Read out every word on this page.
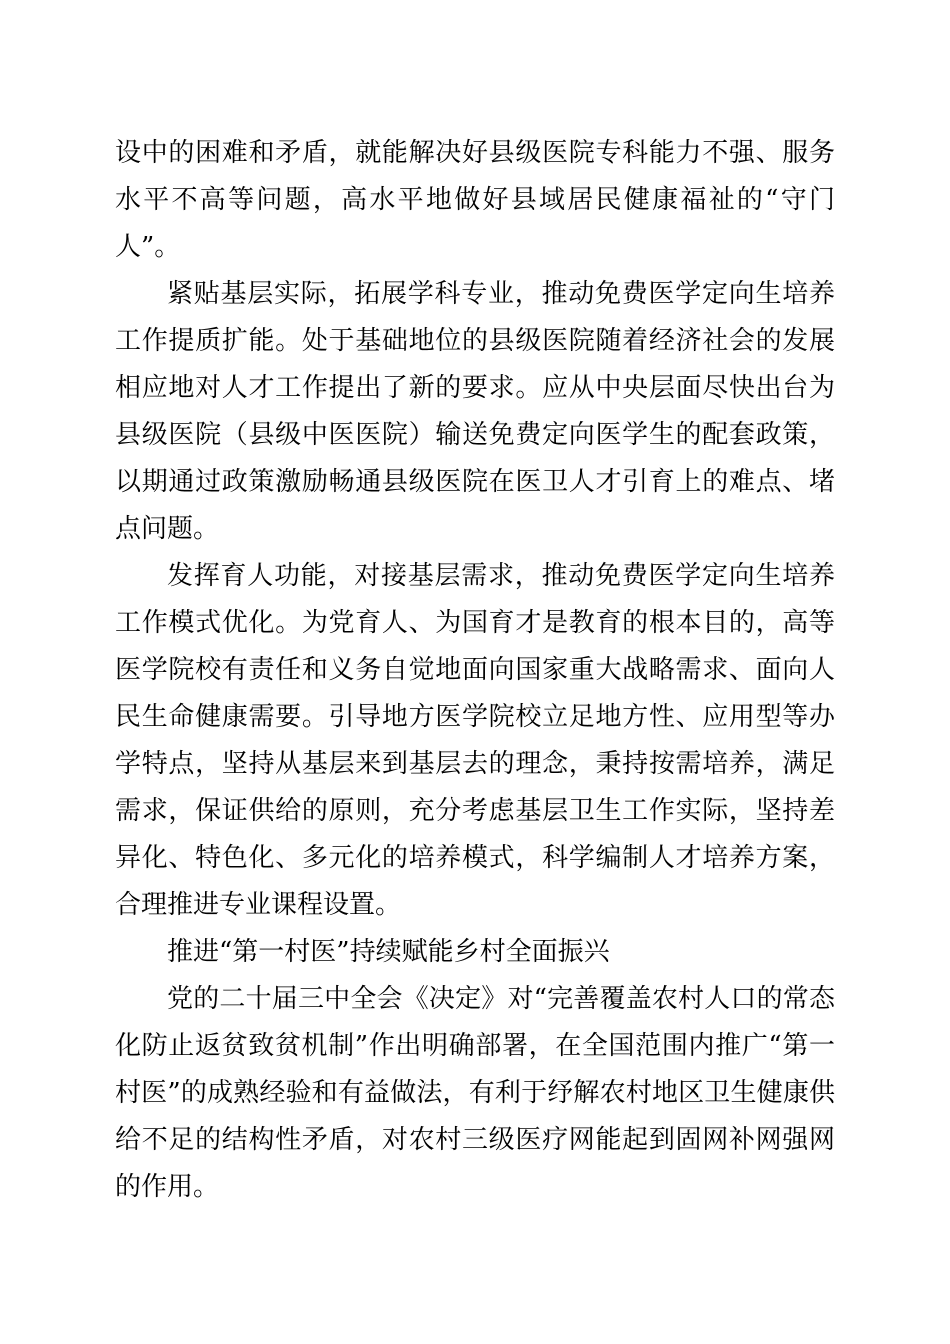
设中的困难和矛盾，就能解决好县级医院专科能力不强、服务水平不高等问题，高水平地做好县域居民健康福祉的“守门人”。

紧贴基层实际，拓展学科专业，推动免费医学定向生培养工作提质扩能。处于基础地位的县级医院随着经济社会的发展相应地对人才工作提出了新的要求。应从中央层面尽快出台为县级医院（县级中医医院）输送免费定向医学生的配套政策，以期通过政策激励畅通县级医院在医卫人才引育上的难点、堵点问题。

发挥育人功能，对接基层需求，推动免费医学定向生培养工作模式优化。为党育人、为国育才是教育的根本目的，高等医学院校有责任和义务自觉地面向国家重大战略需求、面向人民生命健康需要。引导地方医学院校立足地方性、应用型等办学特点，坚持从基层来到基层去的理念，秉持按需培养，满足需求，保证供给的原则，充分考虑基层卫生工作实际，坚持差异化、特色化、多元化的培养模式，科学编制人才培养方案，合理推进专业课程设置。

推进“第一村医”持续赋能乡村全面振兴

党的二十届三中全会《决定》对“完善覆盖农村人口的常态化防止返贫致贫机制”作出明确部署，在全国范围内推广“第一村医”的成熟经验和有益做法，有利于纾解农村地区卫生健康供给不足的结构性矛盾，对农村三级医疗网能起到固网补网强网的作用。
